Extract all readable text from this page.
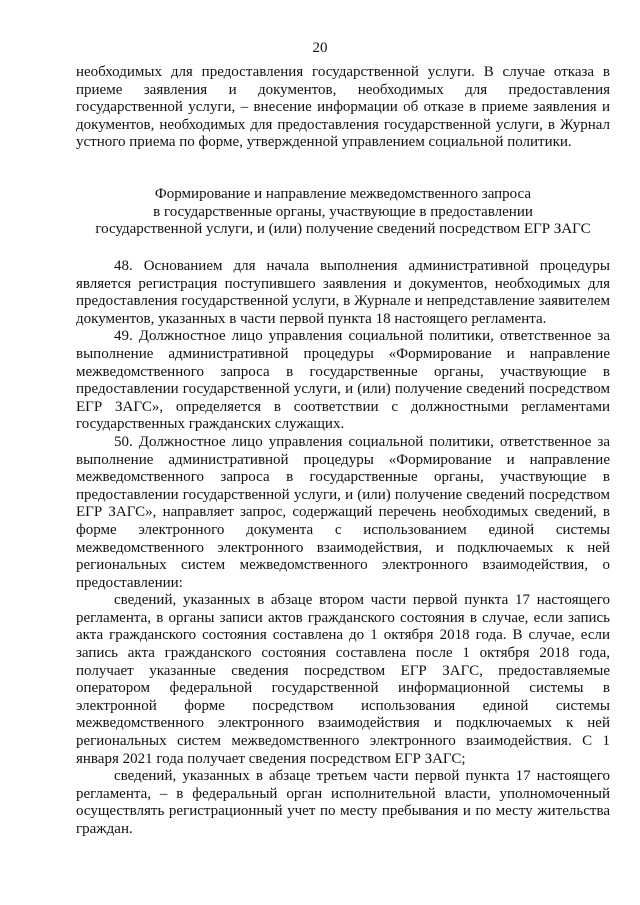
20

необходимых для предоставления государственной услуги. В случае отказа в приеме заявления и документов, необходимых для предоставления государственной услуги, – внесение информации об отказе в приеме заявления и документов, необходимых для предоставления государственной услуги, в Журнал устного приема по форме, утвержденной управлением социальной политики.

Формирование и направление межведомственного запроса
в государственные органы, участвующие в предоставлении
государственной услуги, и (или) получение сведений посредством ЕГР ЗАГС

48. Основанием для начала выполнения административной процедуры является регистрация поступившего заявления и документов, необходимых для предоставления государственной услуги, в Журнале и непредставление заявителем документов, указанных в части первой пункта 18 настоящего регламента.

49. Должностное лицо управления социальной политики, ответственное за выполнение административной процедуры «Формирование и направление межведомственного запроса в государственные органы, участвующие в предоставлении государственной услуги, и (или) получение сведений посредством ЕГР ЗАГС», определяется в соответствии с должностными регламентами государственных гражданских служащих.

50. Должностное лицо управления социальной политики, ответственное за выполнение административной процедуры «Формирование и направление межведомственного запроса в государственные органы, участвующие в предоставлении государственной услуги, и (или) получение сведений посредством ЕГР ЗАГС», направляет запрос, содержащий перечень необходимых сведений, в форме электронного документа с использованием единой системы межведомственного электронного взаимодействия, и подключаемых к ней региональных систем межведомственного электронного взаимодействия, о предоставлении:

сведений, указанных в абзаце втором части первой пункта 17 настоящего регламента, в органы записи актов гражданского состояния в случае, если запись акта гражданского состояния составлена до 1 октября 2018 года. В случае, если запись акта гражданского состояния составлена после 1 октября 2018 года, получает указанные сведения посредством ЕГР ЗАГС, предоставляемые оператором федеральной государственной информационной системы в электронной форме посредством использования единой системы межведомственного электронного взаимодействия и подключаемых к ней региональных систем межведомственного электронного взаимодействия. С 1 января 2021 года получает сведения посредством ЕГР ЗАГС;

сведений, указанных в абзаце третьем части первой пункта 17 настоящего регламента, – в федеральный орган исполнительной власти, уполномоченный осуществлять регистрационный учет по месту пребывания и по месту жительства граждан.
